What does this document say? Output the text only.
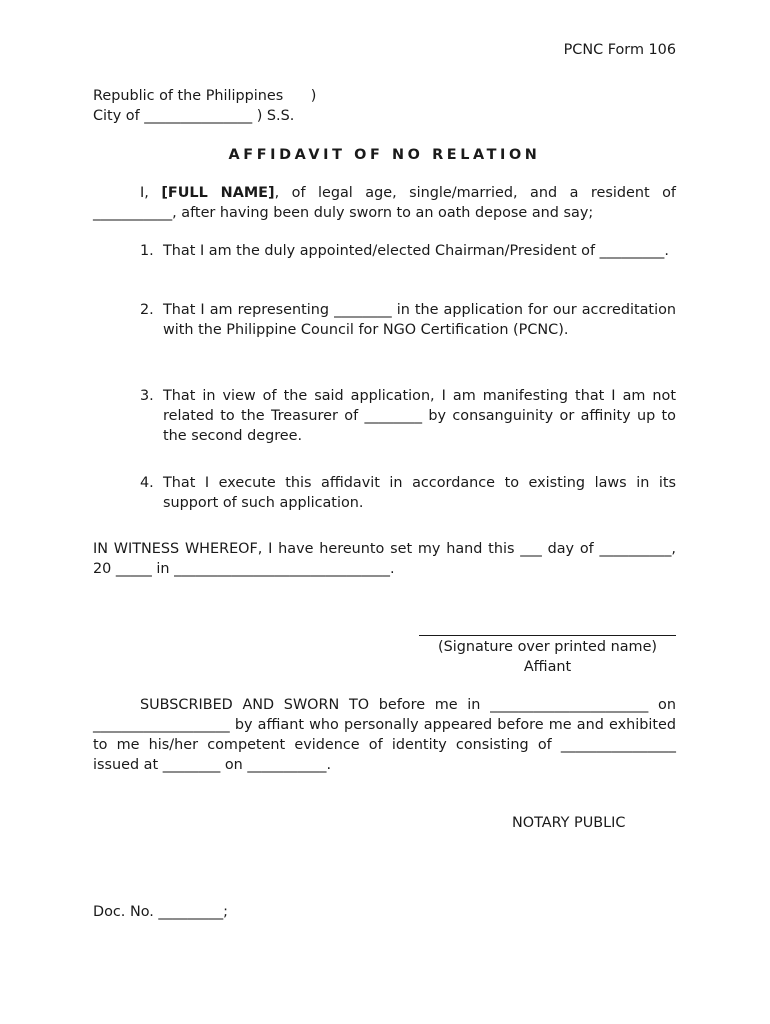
PCNC Form 106
Republic of the Philippines      )
City of _______________ ) S.S.
AFFIDAVIT OF NO RELATION

I, [FULL NAME], of legal age, single/married, and a resident of ___________, after having been duly sworn to an oath depose and say;

1. That I am the duly appointed/elected Chairman/President of _________.
2. That I am representing ________ in the application for our accreditation with the Philippine Council for NGO Certification (PCNC).
3. That in view of the said application, I am manifesting that I am not related to the Treasurer of ________ by consanguinity or affinity up to the second degree.
4. That I execute this affidavit in accordance to existing laws in its support of such application.

IN WITNESS WHEREOF, I have hereunto set my hand this ___ day of __________, 20 _____ in ______________________________.

(Signature over printed name)
Affiant

SUBSCRIBED AND SWORN TO before me in ______________________ on ___________________ by affiant who personally appeared before me and exhibited to me his/her competent evidence of identity consisting of ________________ issued at ________ on ___________.

NOTARY PUBLIC
Doc. No. _________;
